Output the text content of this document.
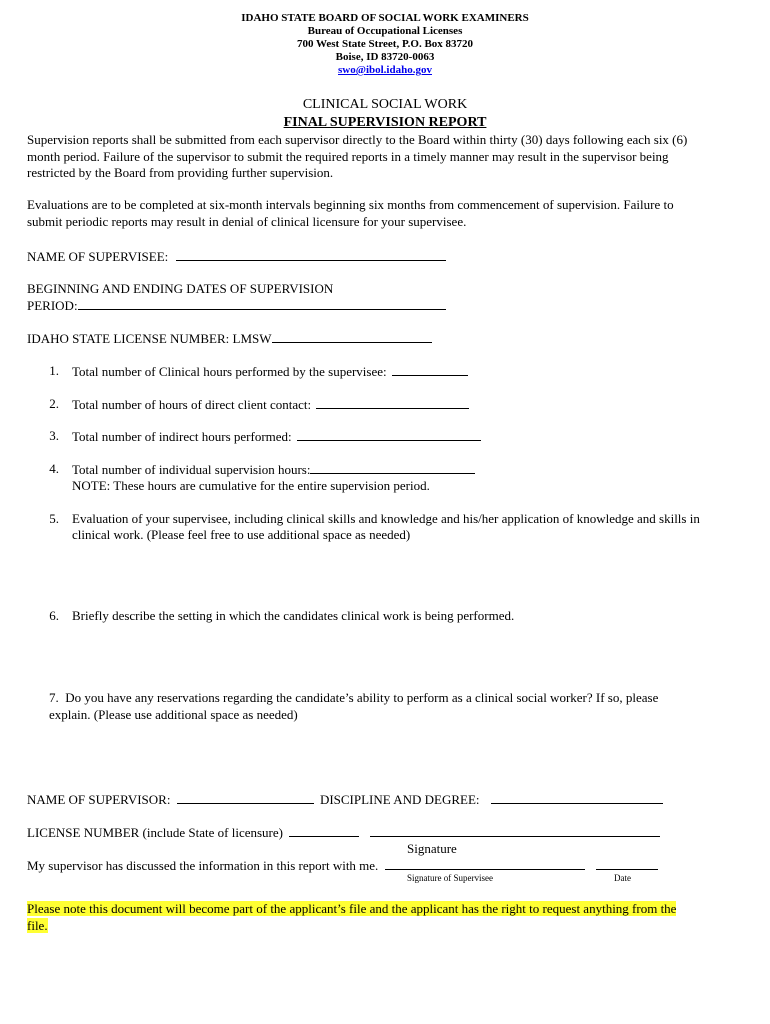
IDAHO STATE BOARD OF SOCIAL WORK EXAMINERS
Bureau of Occupational Licenses
700 West State Street, P.O. Box 83720
Boise, ID 83720-0063
swo@ibol.idaho.gov
CLINICAL SOCIAL WORK
FINAL SUPERVISION REPORT
Supervision reports shall be submitted from each supervisor directly to the Board within thirty (30) days following each six (6)
month period. Failure of the supervisor to submit the required reports in a timely manner may result in the supervisor being
restricted by the Board from providing further supervision.
Evaluations are to be completed at six-month intervals beginning six months from commencement of supervision. Failure to
submit periodic reports may result in denial of clinical licensure for your supervisee.
NAME OF SUPERVISEE:
BEGINNING AND ENDING DATES OF SUPERVISION
PERIOD:
IDAHO STATE LICENSE NUMBER: LMSW
1. Total number of Clinical hours performed by the supervisee:
2. Total number of hours of direct client contact:
3. Total number of indirect hours performed:
4. Total number of individual supervision hours:
NOTE: These hours are cumulative for the entire supervision period.
5. Evaluation of your supervisee, including clinical skills and knowledge and his/her application of knowledge and skills in
clinical work. (Please feel free to use additional space as needed)
6. Briefly describe the setting in which the candidates clinical work is being performed.
7. Do you have any reservations regarding the candidate’s ability to perform as a clinical social worker? If so, please
explain. (Please use additional space as needed)
NAME OF SUPERVISOR:	DISCIPLINE AND DEGREE:
LICENSE NUMBER (include State of licensure)
Signature
My supervisor has discussed the information in this report with me.
Signature of Supervisee	Date
Please note this document will become part of the applicant’s file and the applicant has the right to request anything from the
file.
